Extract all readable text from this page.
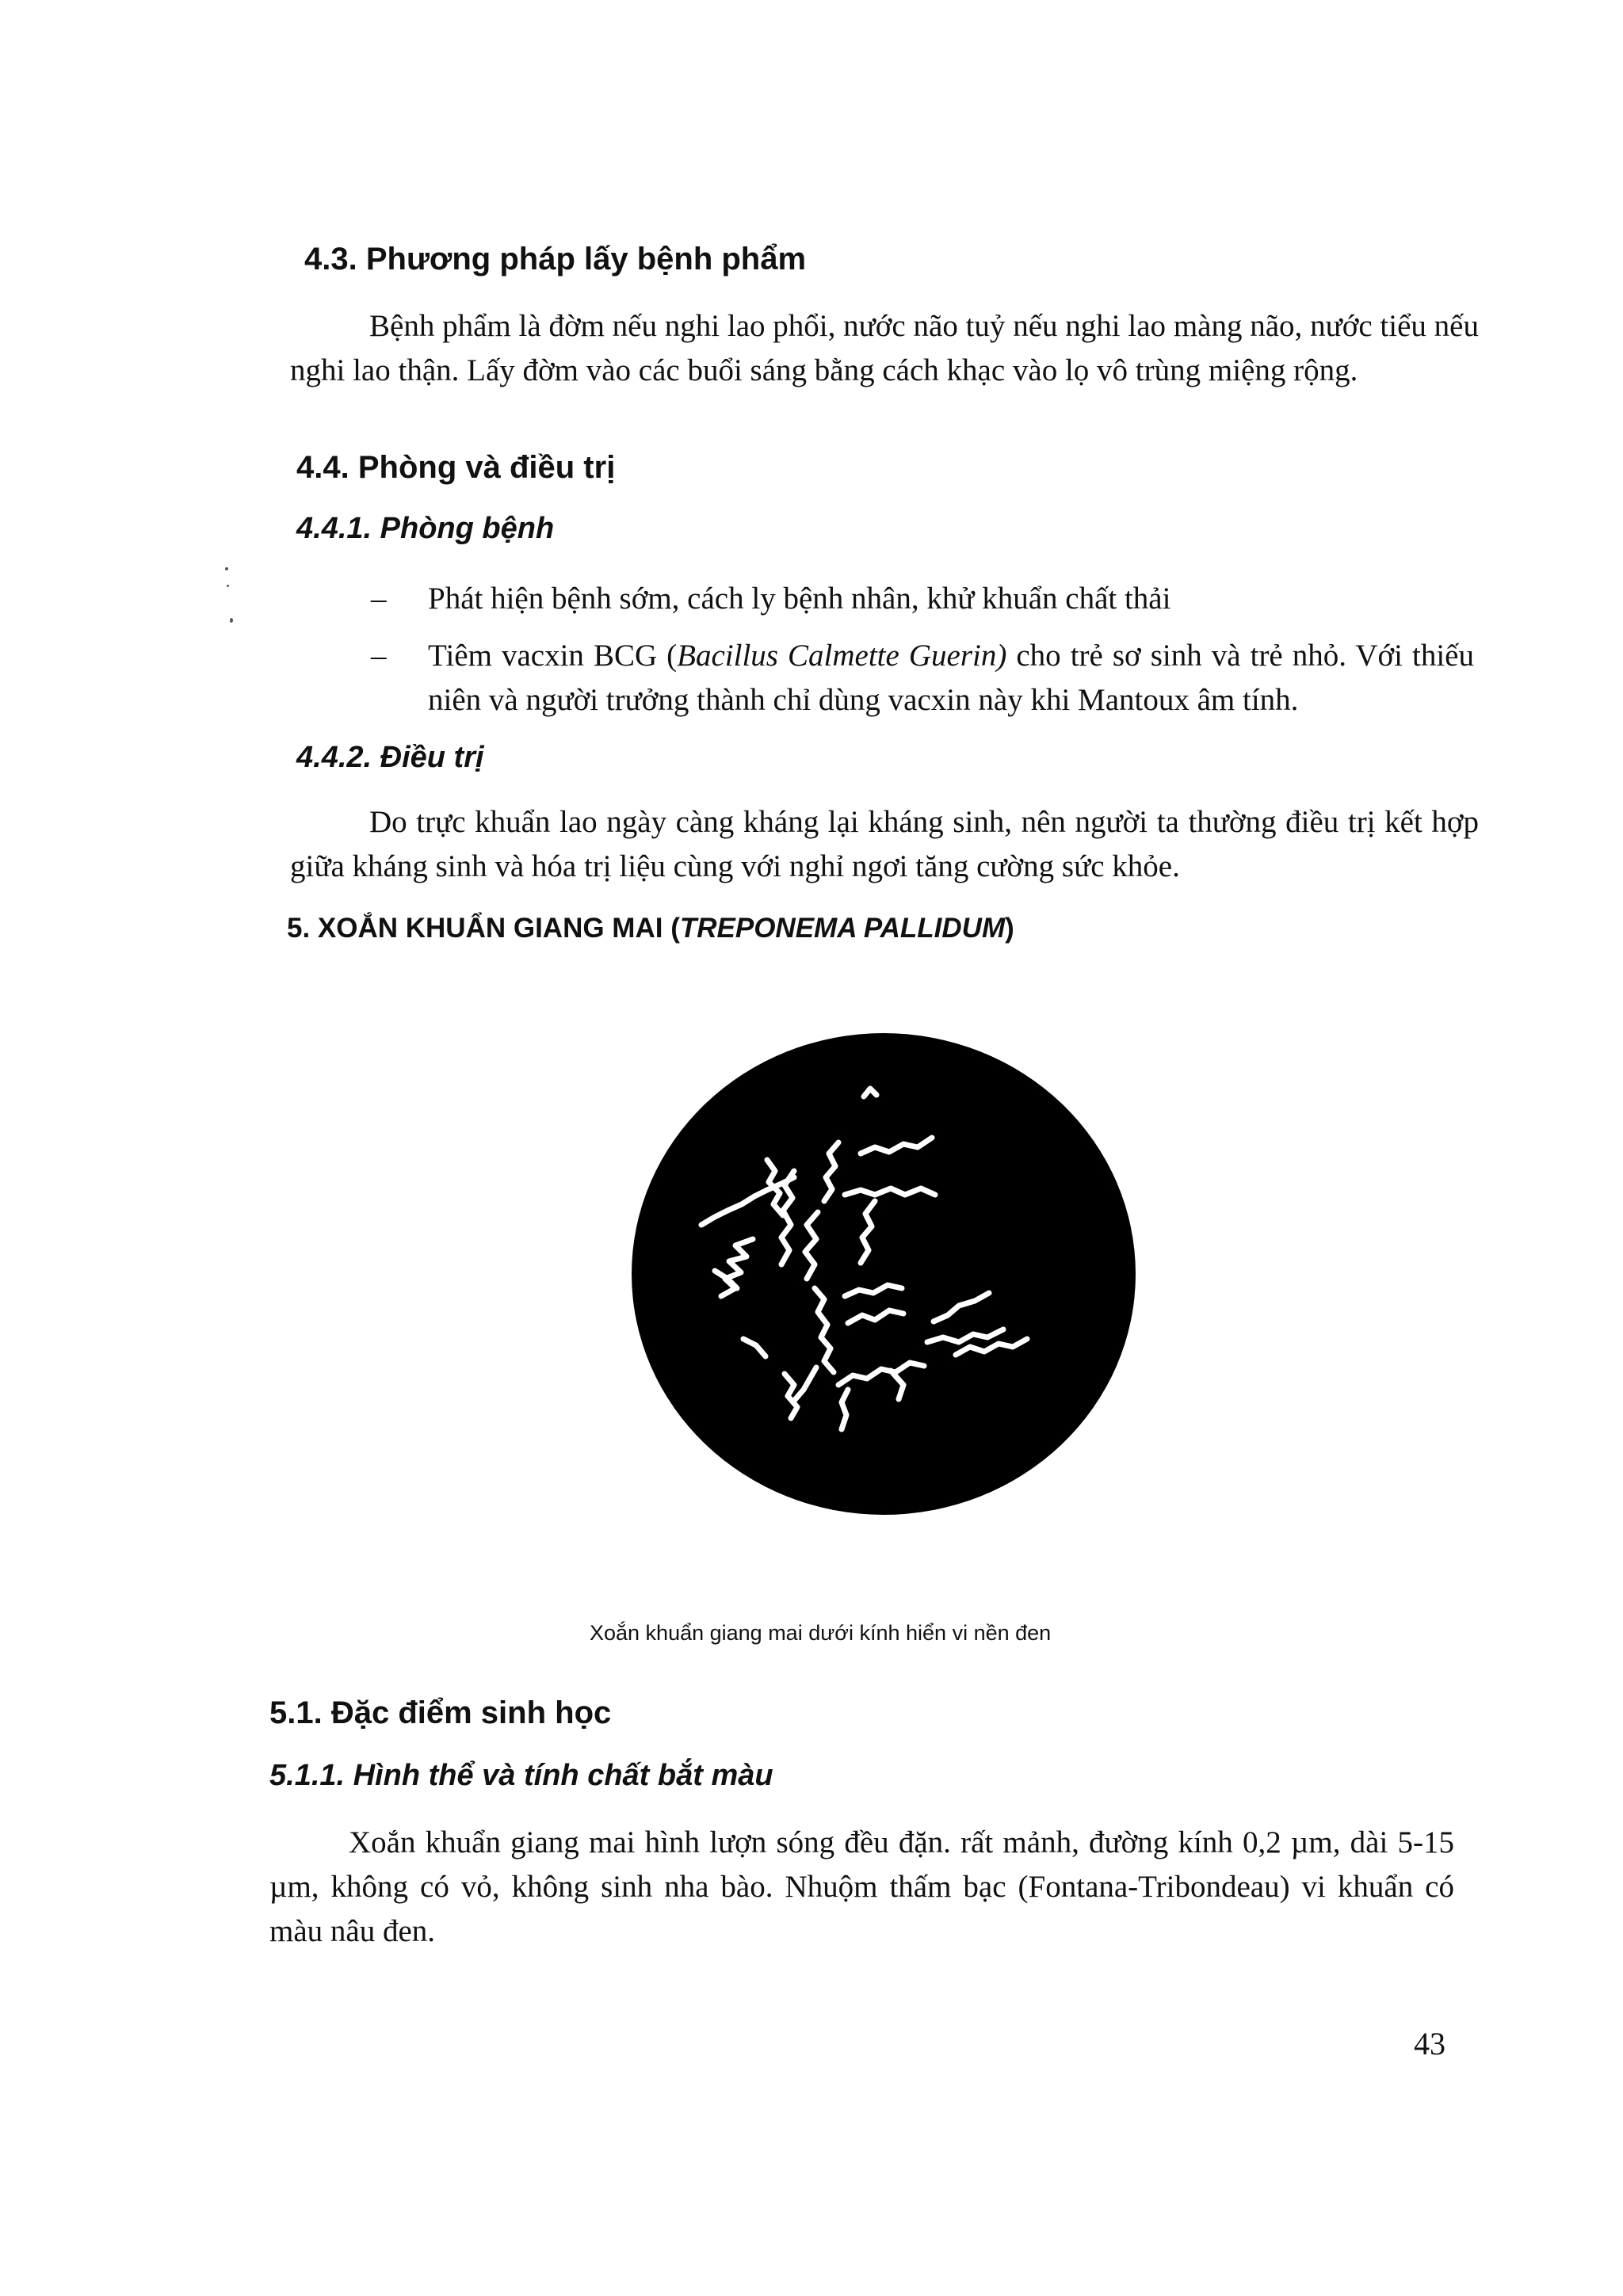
4.3. Phương pháp lấy bệnh phẩm
Bệnh phẩm là đờm nếu nghi lao phổi, nước não tuỷ nếu nghi lao màng não, nước tiểu nếu nghi lao thận. Lấy đờm vào các buổi sáng bằng cách khạc vào lọ vô trùng miệng rộng.
4.4. Phòng và điều trị
4.4.1. Phòng bệnh
– Phát hiện bệnh sớm, cách ly bệnh nhân, khử khuẩn chất thải
– Tiêm vacxin BCG (Bacillus Calmette Guerin) cho trẻ sơ sinh và trẻ nhỏ. Với thiếu niên và người trưởng thành chỉ dùng vacxin này khi Mantoux âm tính.
4.4.2. Điều trị
Do trực khuẩn lao ngày càng kháng lại kháng sinh, nên người ta thường điều trị kết hợp giữa kháng sinh và hóa trị liệu cùng với nghỉ ngơi tăng cường sức khỏe.
5. XOẮN KHUẨN GIANG MAI (TREPONEMA PALLIDUM)
Xoắn khuẩn giang mai dưới kính hiển vi nền đen
5.1. Đặc điểm sinh học
5.1.1. Hình thể và tính chất bắt màu
Xoắn khuẩn giang mai hình lượn sóng đều đặn. rất mảnh, đường kính 0,2 µm, dài 5-15 µm, không có vỏ, không sinh nha bào. Nhuộm thấm bạc (Fontana-Tribondeau) vi khuẩn có màu nâu đen.
43
